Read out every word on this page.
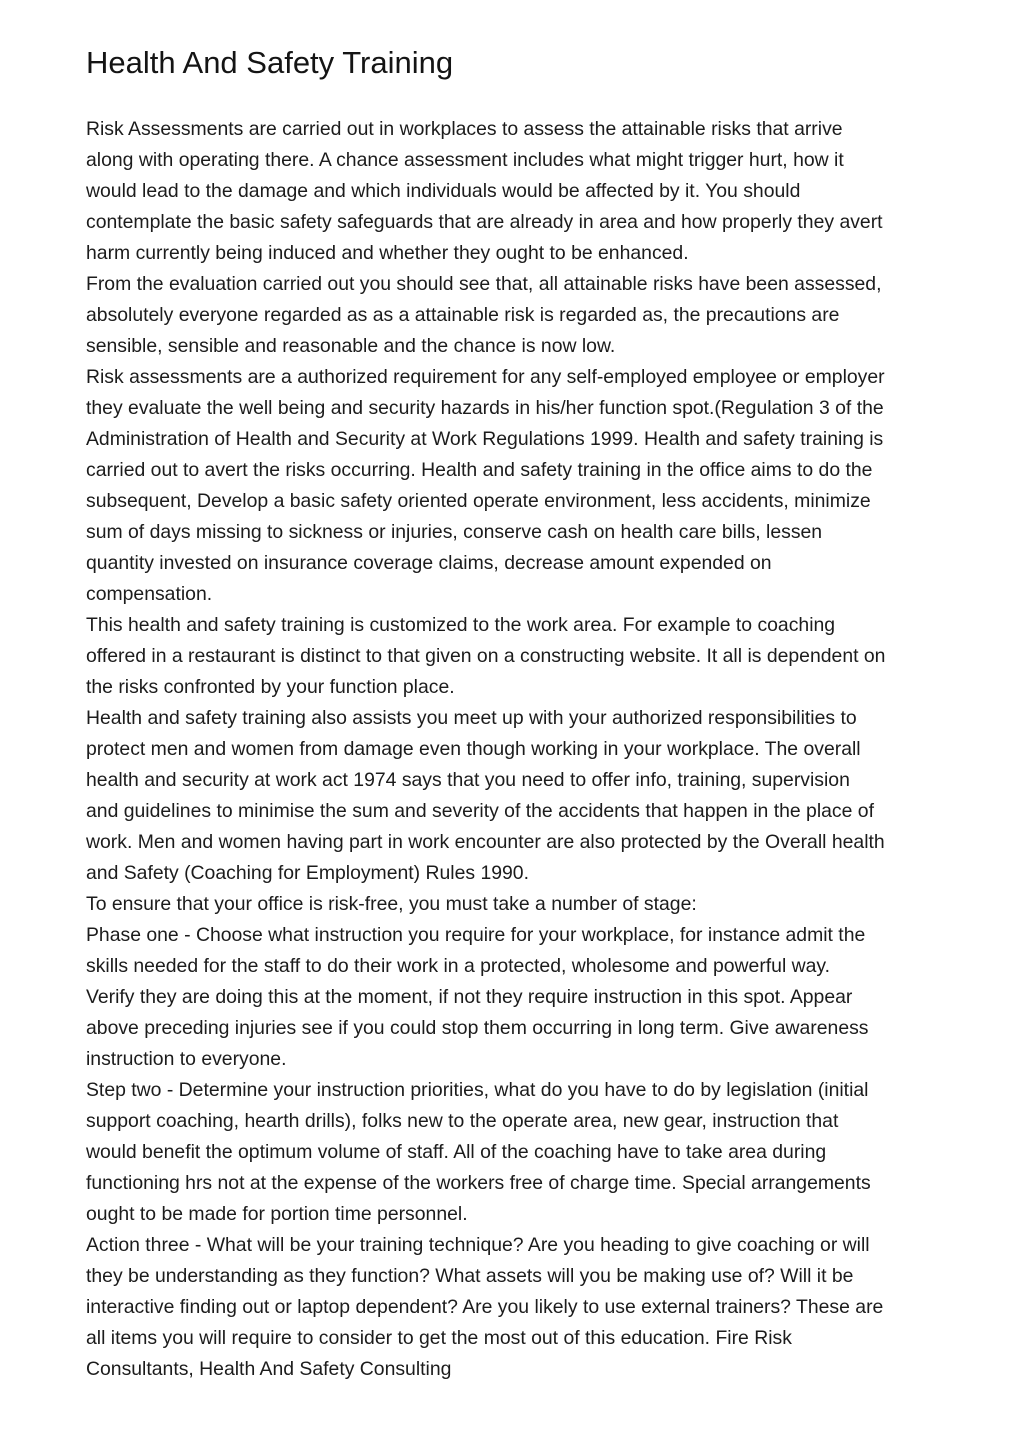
Health And Safety Training

Risk Assessments are carried out in workplaces to assess the attainable risks that arrive
along with operating there. A chance assessment includes what might trigger hurt, how it
would lead to the damage and which individuals would be affected by it. You should
contemplate the basic safety safeguards that are already in area and how properly they avert
harm currently being induced and whether they ought to be enhanced.

From the evaluation carried out you should see that, all attainable risks have been assessed,
absolutely everyone regarded as as a attainable risk is regarded as, the precautions are
sensible, sensible and reasonable and the chance is now low.

Risk assessments are a authorized requirement for any self-employed employee or employer
they evaluate the well being and security hazards in his/her function spot.(Regulation 3 of the
Administration of Health and Security at Work Regulations 1999. Health and safety training is
carried out to avert the risks occurring. Health and safety training in the office aims to do the
subsequent, Develop a basic safety oriented operate environment, less accidents, minimize
sum of days missing to sickness or injuries, conserve cash on health care bills, lessen
quantity invested on insurance coverage claims, decrease amount expended on
compensation.

This health and safety training is customized to the work area. For example to coaching
offered in a restaurant is distinct to that given on a constructing website. It all is dependent on
the risks confronted by your function place.

Health and safety training also assists you meet up with your authorized responsibilities to
protect men and women from damage even though working in your workplace. The overall
health and security at work act 1974 says that you need to offer info, training, supervision
and guidelines to minimise the sum and severity of the accidents that happen in the place of
work. Men and women having part in work encounter are also protected by the Overall health
and Safety (Coaching for Employment) Rules 1990.

To ensure that your office is risk-free, you must take a number of stage:

Phase one - Choose what instruction you require for your workplace, for instance admit the
skills needed for the staff to do their work in a protected, wholesome and powerful way.
Verify they are doing this at the moment, if not they require instruction in this spot. Appear
above preceding injuries see if you could stop them occurring in long term. Give awareness
instruction to everyone.

Step two - Determine your instruction priorities, what do you have to do by legislation (initial
support coaching, hearth drills), folks new to the operate area, new gear, instruction that
would benefit the optimum volume of staff. All of the coaching have to take area during
functioning hrs not at the expense of the workers free of charge time. Special arrangements
ought to be made for portion time personnel.

Action three - What will be your training technique? Are you heading to give coaching or will
they be understanding as they function? What assets will you be making use of? Will it be
interactive finding out or laptop dependent? Are you likely to use external trainers? These are
all items you will require to consider to get the most out of this education. Fire Risk
Consultants, Health And Safety Consulting
